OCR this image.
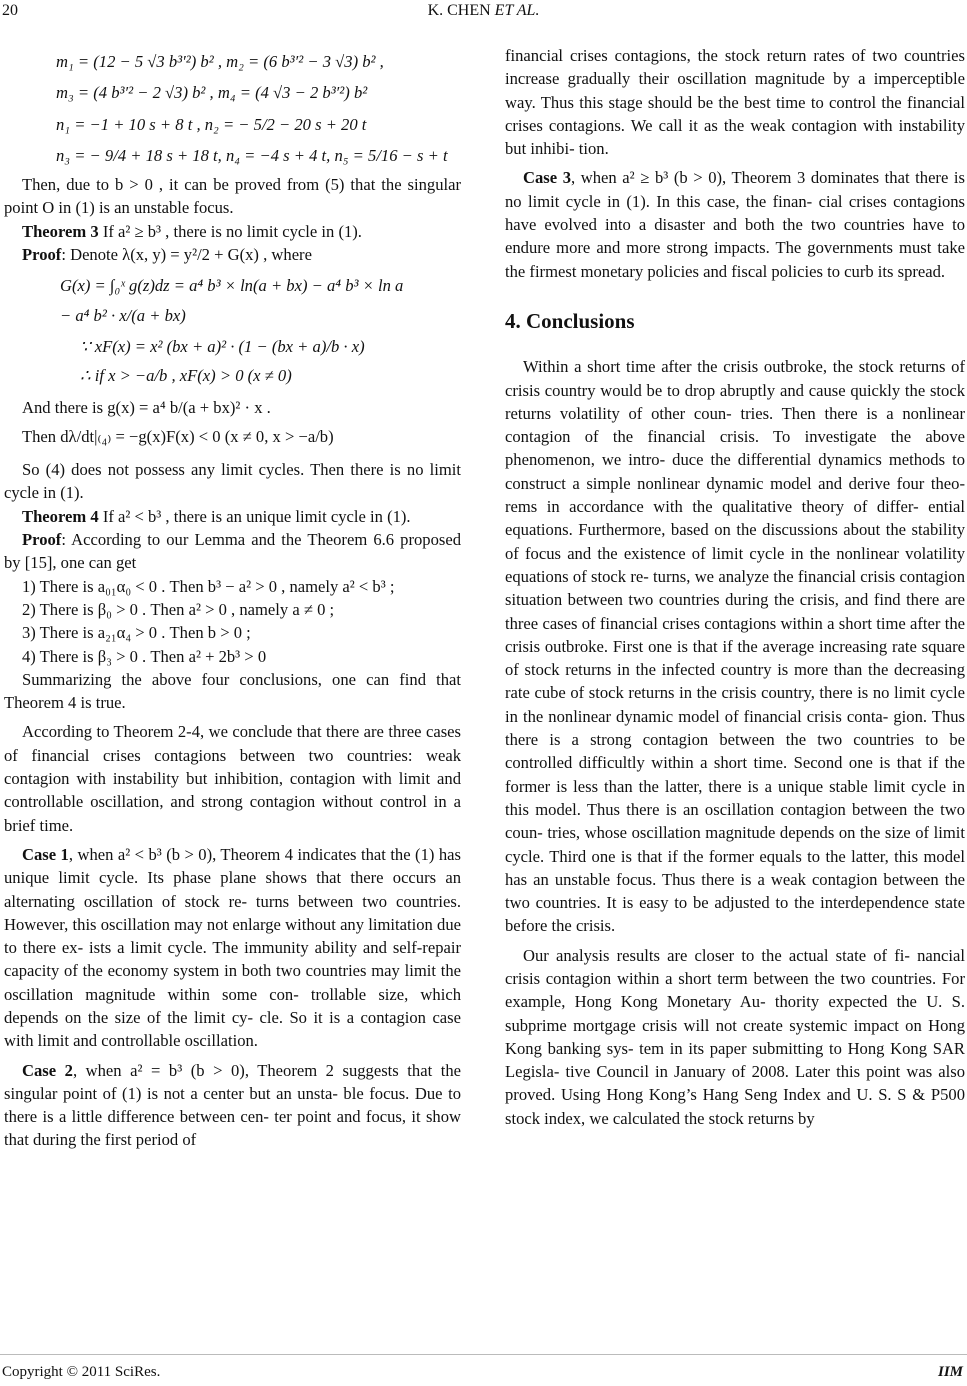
20	K. CHEN ET AL.
m₁ = (12 − 5 √3 b³′²) b² , m₂ = (6 b³′² − 3 √3) b² ,
m₃ = (4 b³′² − 2 √3) b² , m₄ = (4 √3 − 2 b³′²) b²
n₁ = −1 + 10 s + 8 t , n₂ = − 5/2 − 20 s + 20 t
n₃ = − 9/4 + 18 s + 18 t, n₄ = −4 s + 4 t, n₅ = 5/16 − s + t

Then, due to b > 0 , it can be proved from (5) that the singular point O in (1) is an unstable focus.

Theorem 3 If a² ≥ b³ , there is no limit cycle in (1).

Proof: Denote λ(x, y) = y²/2 + G(x) , where

G(x) = ∫₀ˣ g(z)dz = a⁴ b³ × ln(a + bx) − a⁴ b³ × ln a
− a⁴ b² · x/(a + bx)
∵ xF(x) = x² (bx + a)² · (1 − (bx + a)/b · x)
∴ if x > −a/b , xF(x) > 0 (x ≠ 0)

And there is g(x) = a⁴ b/(a + bx)² · x .

Then dλ/dt|₍₄₎ = −g(x)F(x) < 0 (x ≠ 0, x > −a/b)

So (4) does not possess any limit cycles. Then there is no limit cycle in (1).

Theorem 4 If a² < b³ , there is an unique limit cycle in (1).

Proof: According to our Lemma and the Theorem 6.6 proposed by [15], one can get

1) There is a₀₁α₀ < 0 . Then b³ − a² > 0 , namely a² < b³ ;

2) There is β₀ > 0 . Then a² > 0 , namely a ≠ 0 ;

3) There is a₂₁α₄ > 0 . Then b > 0 ;

4) There is β₃ > 0 . Then a² + 2b³ > 0

Summarizing the above four conclusions, one can find that Theorem 4 is true.

According to Theorem 2-4, we conclude that there are three cases of financial crises contagions between two countries: weak contagion with instability but inhibition, contagion with limit and controllable oscillation, and strong contagion without control in a brief time.

Case 1, when a² < b³ (b > 0), Theorem 4 indicates that the (1) has unique limit cycle. Its phase plane shows that there occurs an alternating oscillation of stock re- turns between two countries. However, this oscillation may not enlarge without any limitation due to there ex- ists a limit cycle. The immunity ability and self-repair capacity of the economy system in both two countries may limit the oscillation magnitude within some con- trollable size, which depends on the size of the limit cy- cle. So it is a contagion case with limit and controllable oscillation.

Case 2, when a² = b³ (b > 0), Theorem 2 suggests that the singular point of (1) is not a center but an unsta- ble focus. Due to there is a little difference between cen- ter point and focus, it show that during the first period of

financial crises contagions, the stock return rates of two countries increase gradually their oscillation magnitude by a imperceptible way. Thus this stage should be the best time to control the financial crises contagions. We call it as the weak contagion with instability but inhibi- tion.

Case 3, when a² ≥ b³ (b > 0), Theorem 3 dominates that there is no limit cycle in (1). In this case, the finan- cial crises contagions have evolved into a disaster and both the two countries have to endure more and more strong impacts. The governments must take the firmest monetary policies and fiscal policies to curb its spread.

4. Conclusions

Within a short time after the crisis outbroke, the stock returns of crisis country would be to drop abruptly and cause quickly the stock returns volatility of other coun- tries. Then there is a nonlinear contagion of the financial crisis. To investigate the above phenomenon, we intro- duce the differential dynamics methods to construct a simple nonlinear dynamic model and derive four theo- rems in accordance with the qualitative theory of differ- ential equations. Furthermore, based on the discussions about the stability of focus and the existence of limit cycle in the nonlinear volatility equations of stock re- turns, we analyze the financial crisis contagion situation between two countries during the crisis, and find there are three cases of financial crises contagions within a short time after the crisis outbroke. First one is that if the average increasing rate square of stock returns in the infected country is more than the decreasing rate cube of stock returns in the crisis country, there is no limit cycle in the nonlinear dynamic model of financial crisis conta- gion. Thus there is a strong contagion between the two countries to be controlled difficultly within a short time. Second one is that if the former is less than the latter, there is a unique stable limit cycle in this model. Thus there is an oscillation contagion between the two coun- tries, whose oscillation magnitude depends on the size of limit cycle. Third one is that if the former equals to the latter, this model has an unstable focus. Thus there is a weak contagion between the two countries. It is easy to be adjusted to the interdependence state before the crisis.

Our analysis results are closer to the actual state of fi- nancial crisis contagion within a short term between the two countries. For example, Hong Kong Monetary Au- thority expected the U. S. subprime mortgage crisis will not create systemic impact on Hong Kong banking sys- tem in its paper submitting to Hong Kong SAR Legisla- tive Council in January of 2008. Later this point was also proved. Using Hong Kong’s Hang Seng Index and U. S. S & P500 stock index, we calculated the stock returns by

Copyright © 2011 SciRes.	IIM
